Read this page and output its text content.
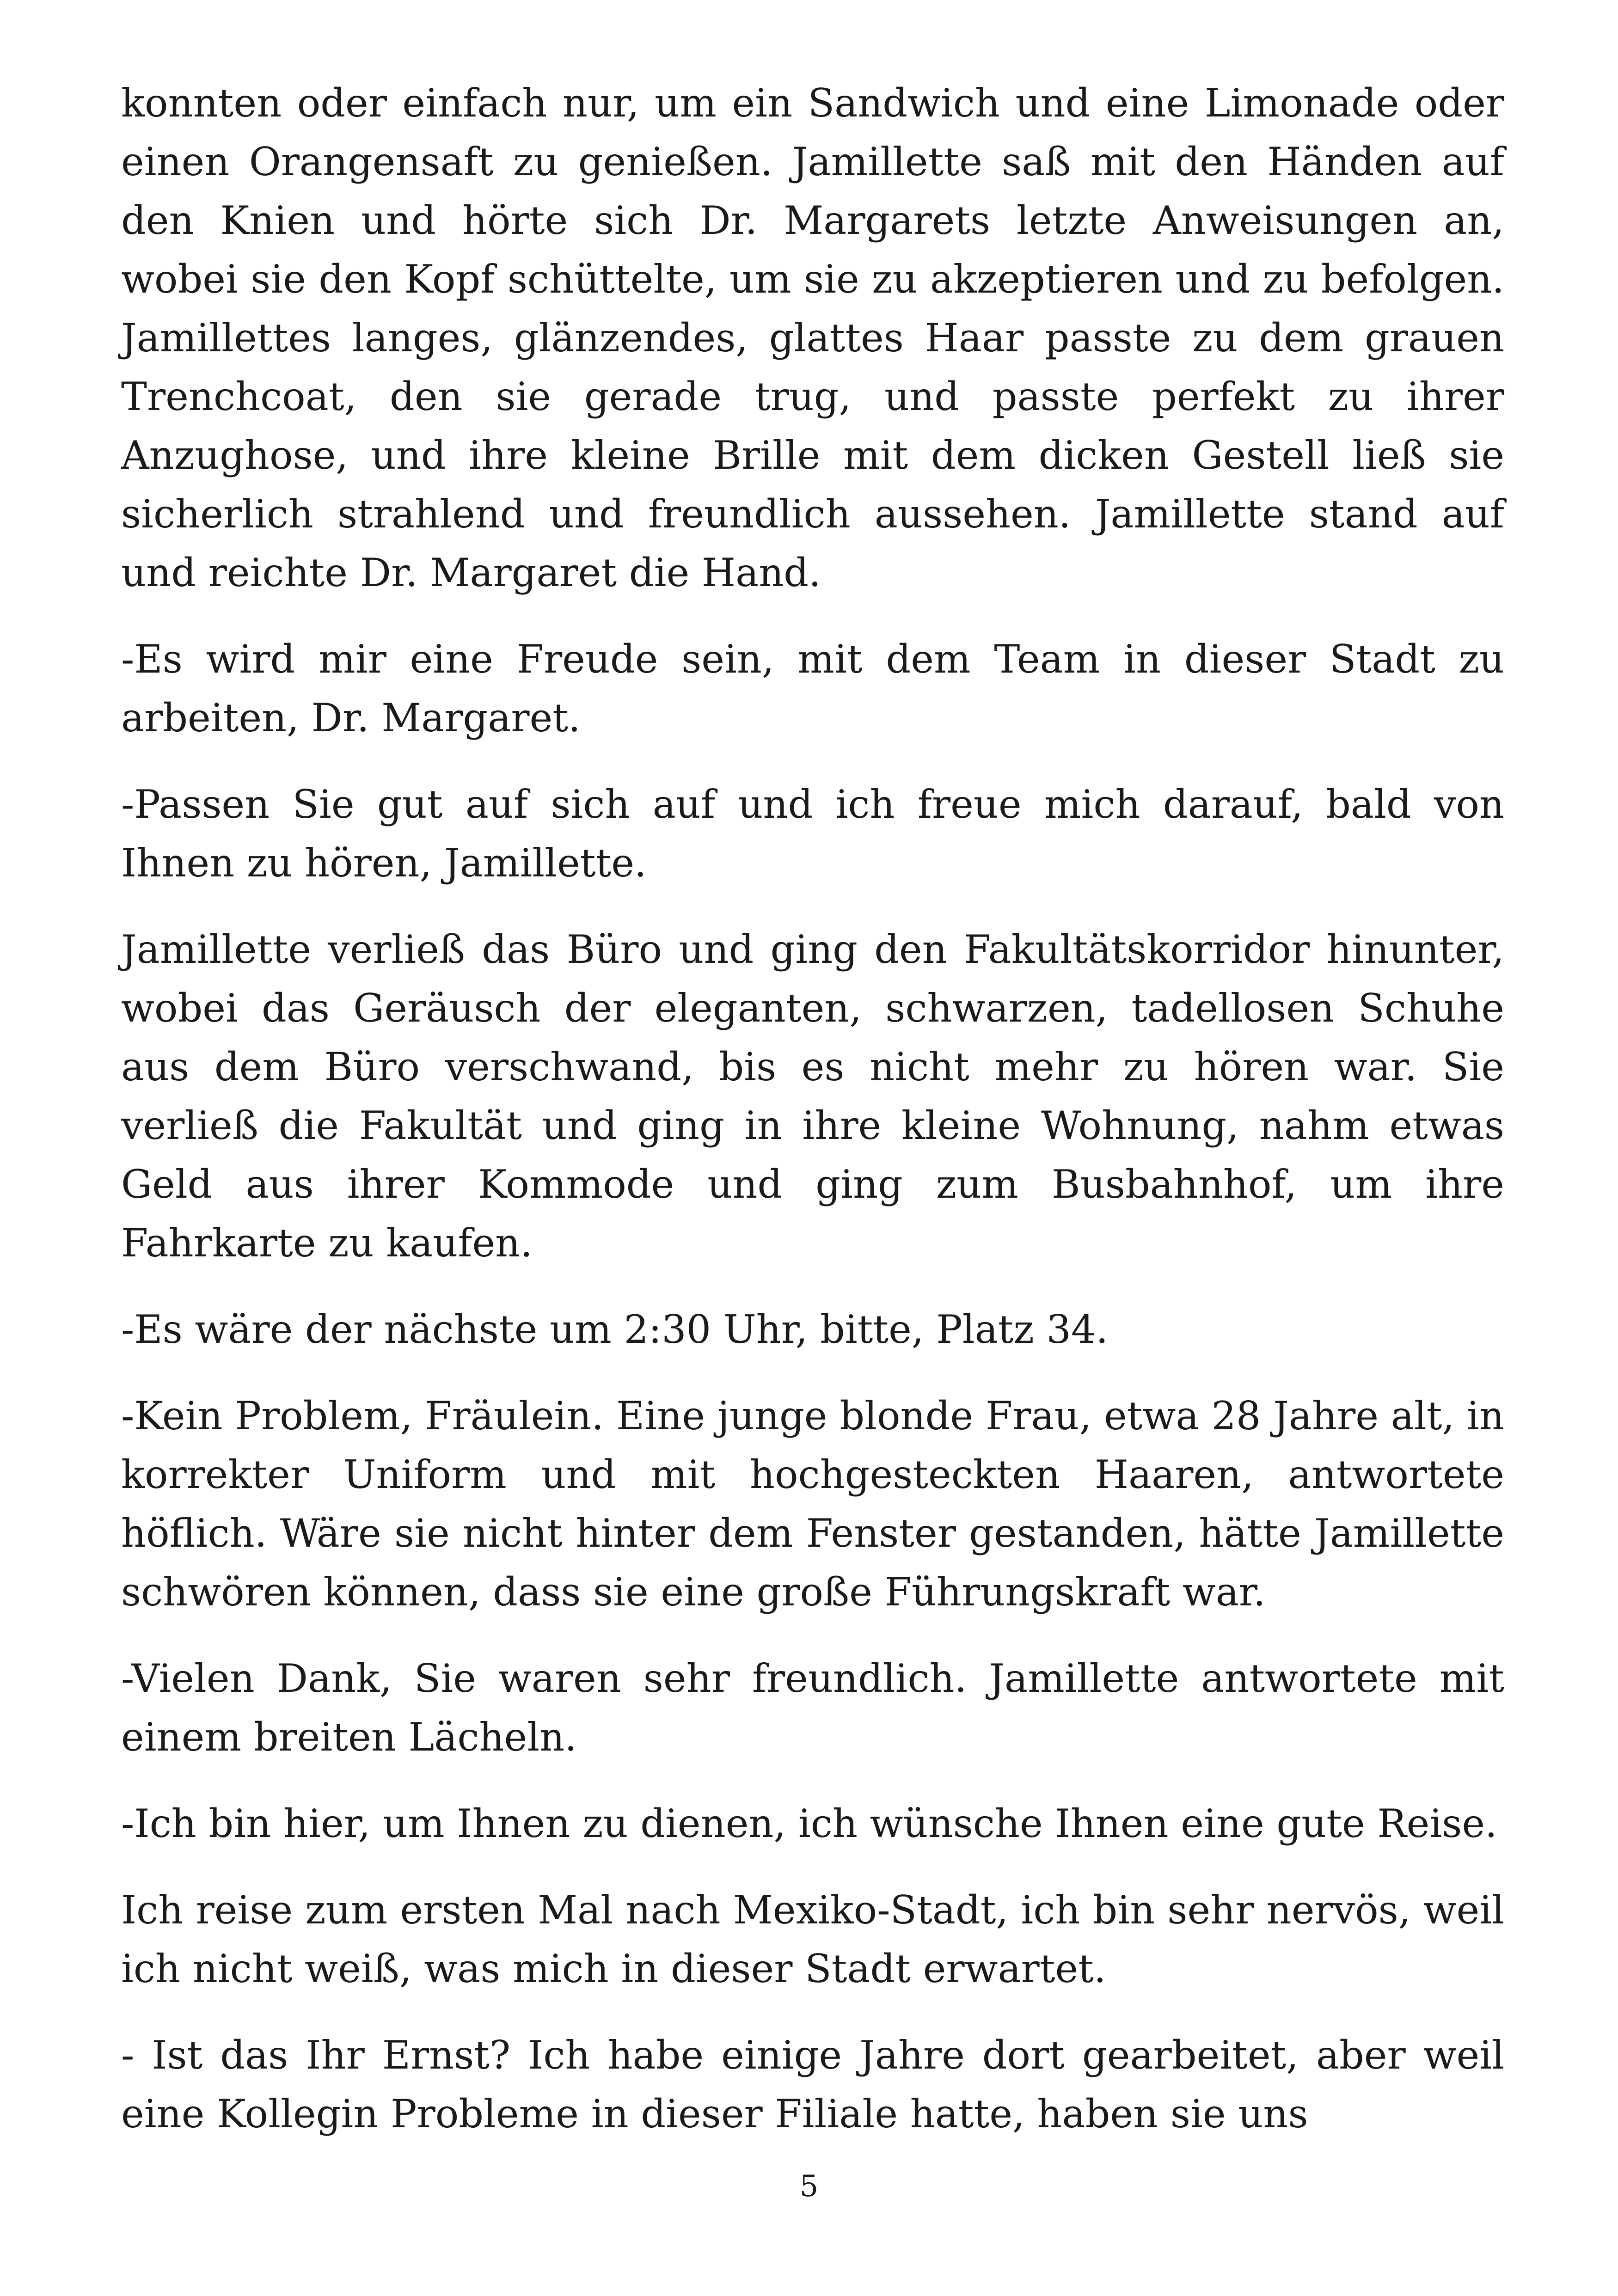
konnten oder einfach nur, um ein Sandwich und eine Limonade oder einen Orangensaft zu genießen. Jamillette saß mit den Händen auf den Knien und hörte sich Dr. Margarets letzte Anweisungen an, wobei sie den Kopf schüttelte, um sie zu akzeptieren und zu befolgen. Jamillettes langes, glänzendes, glattes Haar passte zu dem grauen Trenchcoat, den sie gerade trug, und passte perfekt zu ihrer Anzughose, und ihre kleine Brille mit dem dicken Gestell ließ sie sicherlich strahlend und freundlich aussehen. Jamillette stand auf und reichte Dr. Margaret die Hand.

-Es wird mir eine Freude sein, mit dem Team in dieser Stadt zu arbeiten, Dr. Margaret.

-Passen Sie gut auf sich auf und ich freue mich darauf, bald von Ihnen zu hören, Jamillette.

Jamillette verließ das Büro und ging den Fakultätskorridor hinunter, wobei das Geräusch der eleganten, schwarzen, tadellosen Schuhe aus dem Büro verschwand, bis es nicht mehr zu hören war. Sie verließ die Fakultät und ging in ihre kleine Wohnung, nahm etwas Geld aus ihrer Kommode und ging zum Busbahnhof, um ihre Fahrkarte zu kaufen.

-Es wäre der nächste um 2:30 Uhr, bitte, Platz 34.

-Kein Problem, Fräulein. Eine junge blonde Frau, etwa 28 Jahre alt, in korrekter Uniform und mit hochgesteckten Haaren, antwortete höflich. Wäre sie nicht hinter dem Fenster gestanden, hätte Jamillette schwören können, dass sie eine große Führungskraft war.

-Vielen Dank, Sie waren sehr freundlich. Jamillette antwortete mit einem breiten Lächeln.

-Ich bin hier, um Ihnen zu dienen, ich wünsche Ihnen eine gute Reise.

Ich reise zum ersten Mal nach Mexiko-Stadt, ich bin sehr nervös, weil ich nicht weiß, was mich in dieser Stadt erwartet.

- Ist das Ihr Ernst? Ich habe einige Jahre dort gearbeitet, aber weil eine Kollegin Probleme in dieser Filiale hatte, haben sie uns

5
